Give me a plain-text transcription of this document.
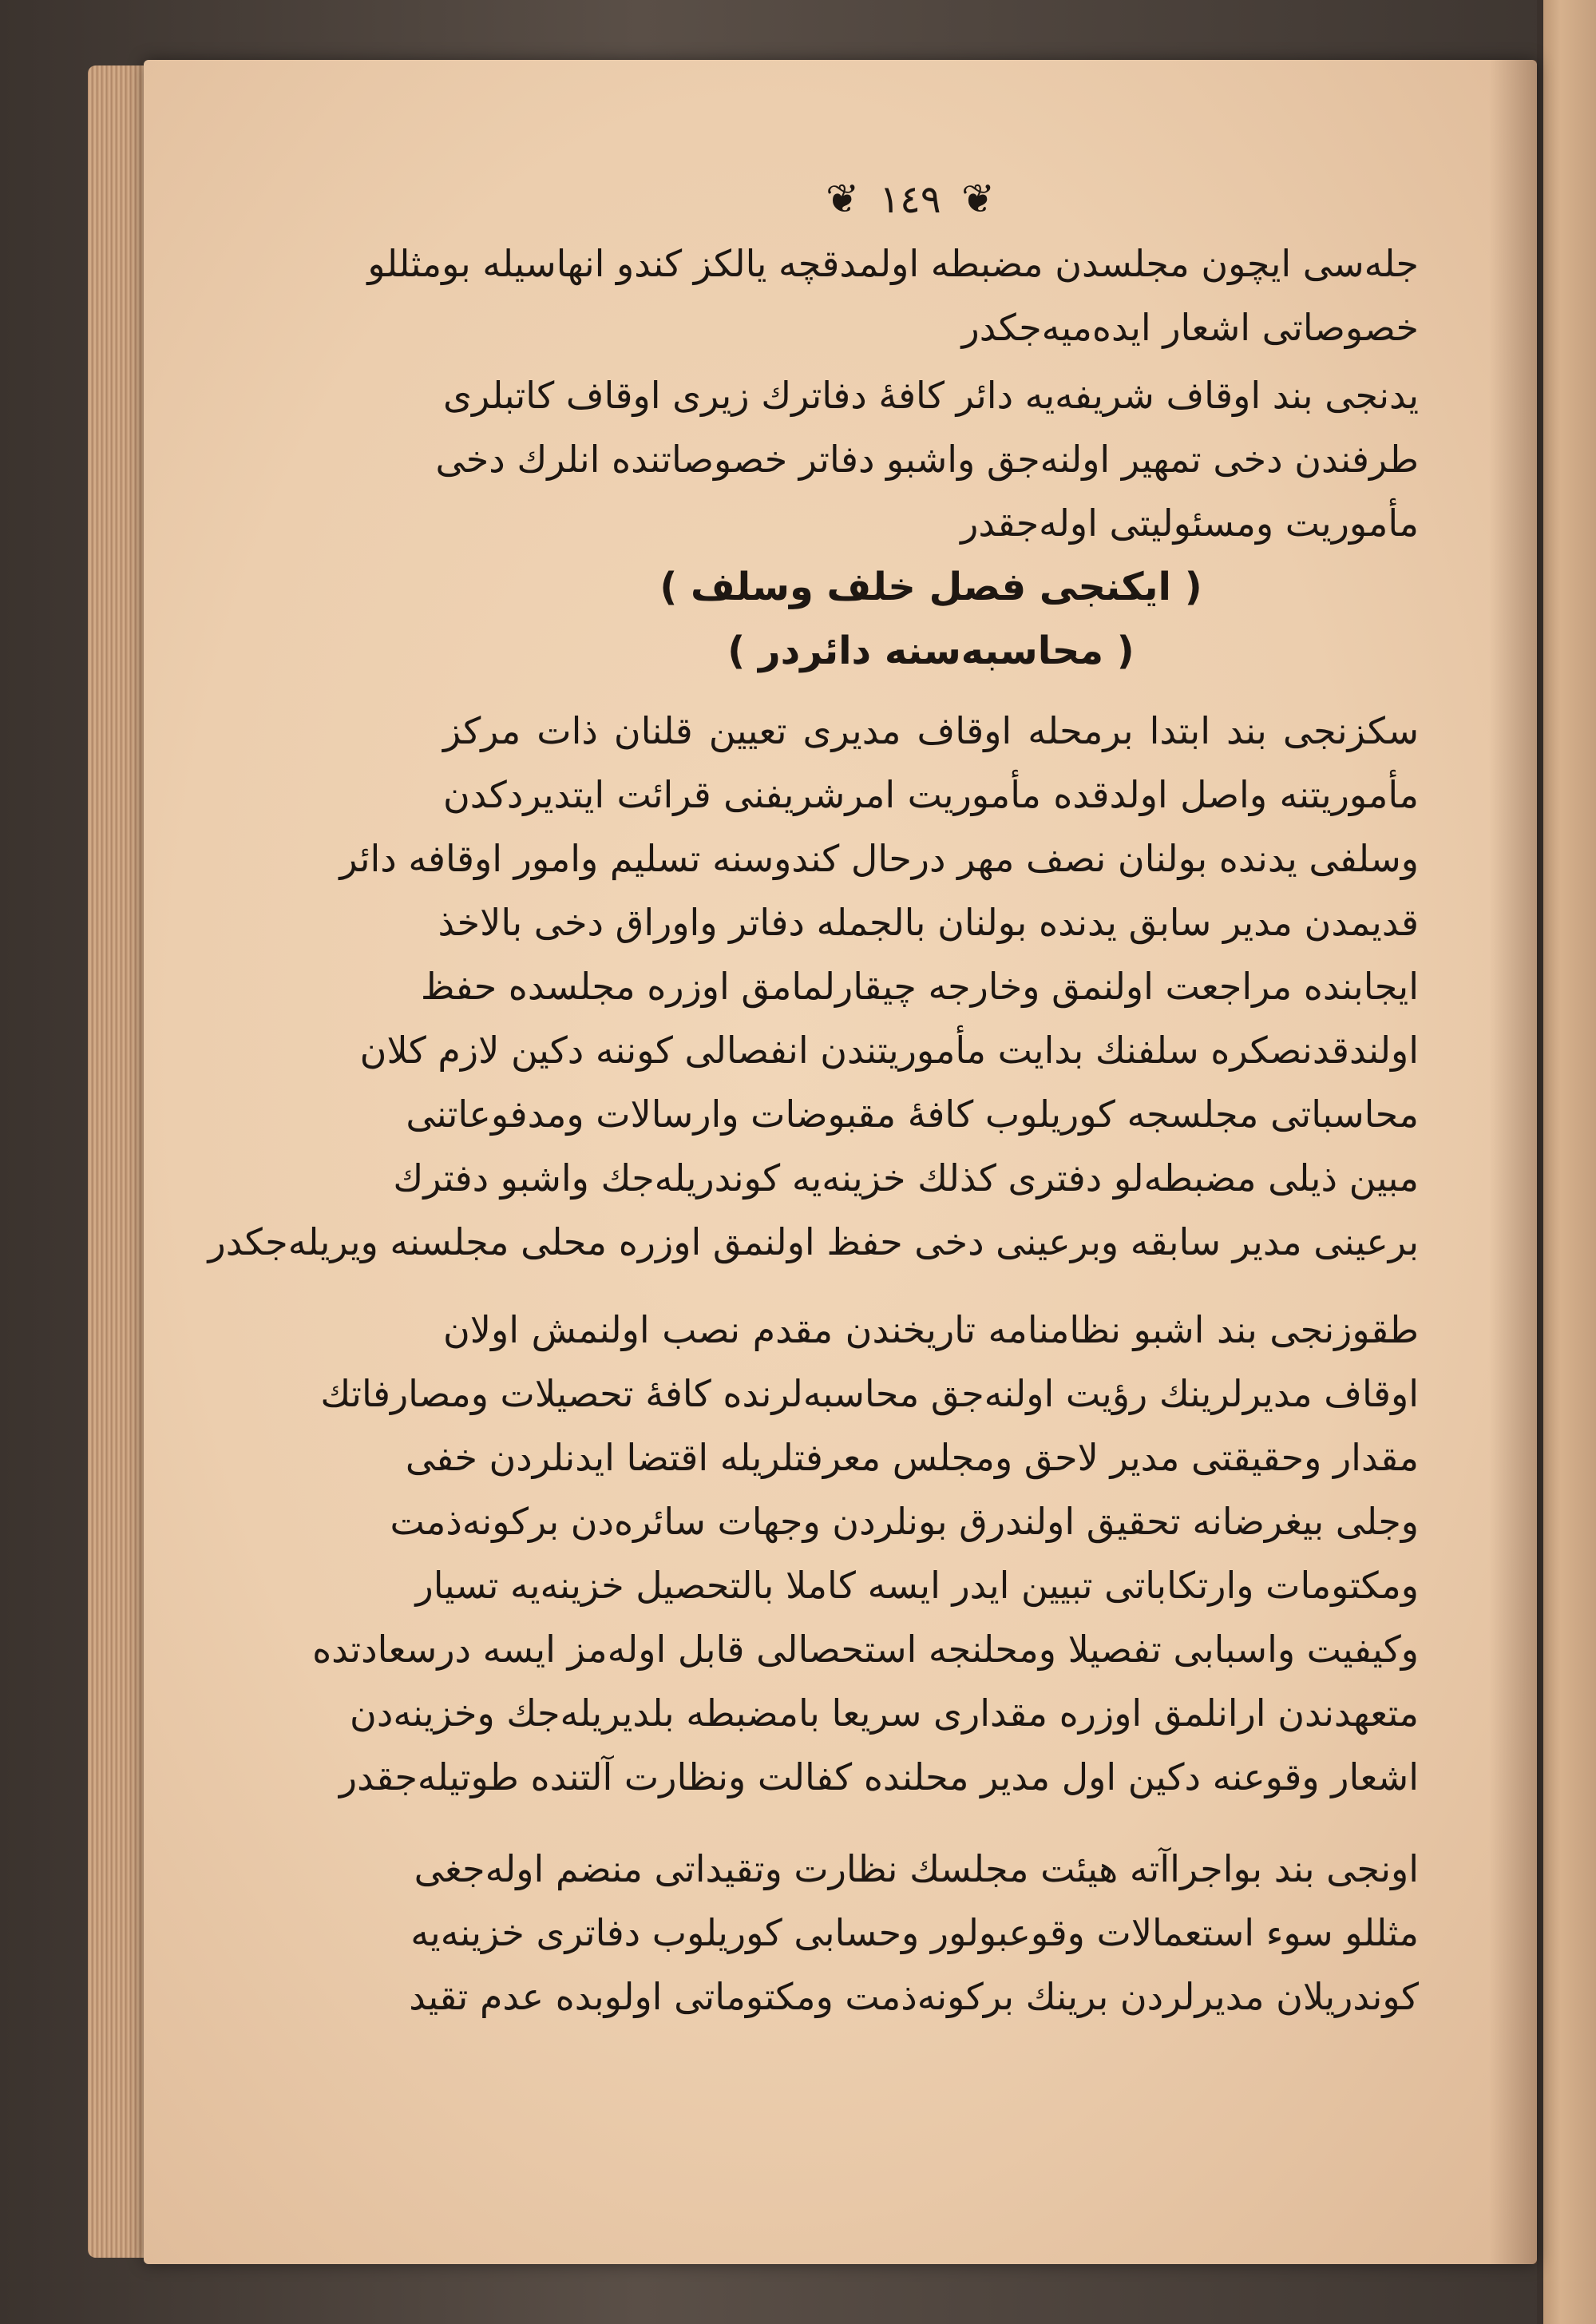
❦ ١٤٩ ❦
جلەسی ایچون مجلسدن مضبطە اولمدقچە یالکز کندو انهاسیلە بومثللو
خصوصاتی اشعار ایدەمیەجکدر
یدنجی بند اوقاف شریفەیە دائر کافۀ دفاترك زیری اوقاف کاتبلری
طرفندن دخی تمهیر اولنەجق واشبو دفاتر خصوصاتندە انلرك دخی
مأموریت ومسئولیتی اولەجقدر
سکزنجی بند ابتدا برمحلە اوقاف مدیری تعیین قلنان ذات مرکز
مأموریتنە واصل اولدقدە مأموریت امرشریفنی قرائت ایتدیردکدن
وسلفی یدندە بولنان نصف مهر درحال کندوسنە تسلیم وامور اوقافە دائر
قدیمدن مدیر سابق یدندە بولنان بالجملە دفاتر واوراق دخی بالاخذ
ایجابندە مراجعت اولنمق وخارجە چیقارلمامق اوزرە مجلسدە حفظ
اولندقدنصکرە سلفنك بدایت مأموریتندن انفصالی کوننە دکین لازم کلان
محاسباتی مجلسجە کوریلوب کافۀ مقبوضات وارسالات ومدفوعاتنی
مبین ذیلی مضبطەلو دفتری کذلك خزینەیە کوندریلەجك واشبو دفترك
برعینی مدیر سابقە وبرعینی دخی حفظ اولنمق اوزرە محلی مجلسنە ویریلەجکدر
طقوزنجی بند اشبو نظامنامە تاریخندن مقدم نصب اولنمش اولان
اوقاف مدیرلرینك رؤیت اولنەجق محاسبەلرندە کافۀ تحصیلات ومصارفاتك
مقدار وحقیقتی مدیر لاحق ومجلس معرفتلریلە اقتضا ایدنلردن خفی
وجلی بیغرضانە تحقیق اولندرق بونلردن وجهات سائرەدن برکونەذمت
ومکتومات وارتکاباتی تبیین ایدر ایسە کاملا بالتحصیل خزینەیە تسیار
وکیفیت واسبابی تفصیلا ومحلنجە استحصالی قابل اولەمز ایسە درسعادتدە
متعهدندن ارانلمق اوزرە مقداری سریعا بامضبطە بلدیریلەجك وخزینەدن
اشعار وقوعنە دکین اول مدیر محلندە کفالت ونظارت آلتندە طوتیلەجقدر
اونجی بند بواجراآتە هیئت مجلسك نظارت وتقیداتی منضم اولەجغی
مثللو سوء استعمالات وقوعبولور وحسابی کوریلوب دفاتری خزینەیە
کوندریلان مدیرلردن برینك برکونەذمت ومکتوماتی اولوبدە عدم تقید
( ایکنجی فصل خلف وسلف )
( محاسبەسنە دائردر )
